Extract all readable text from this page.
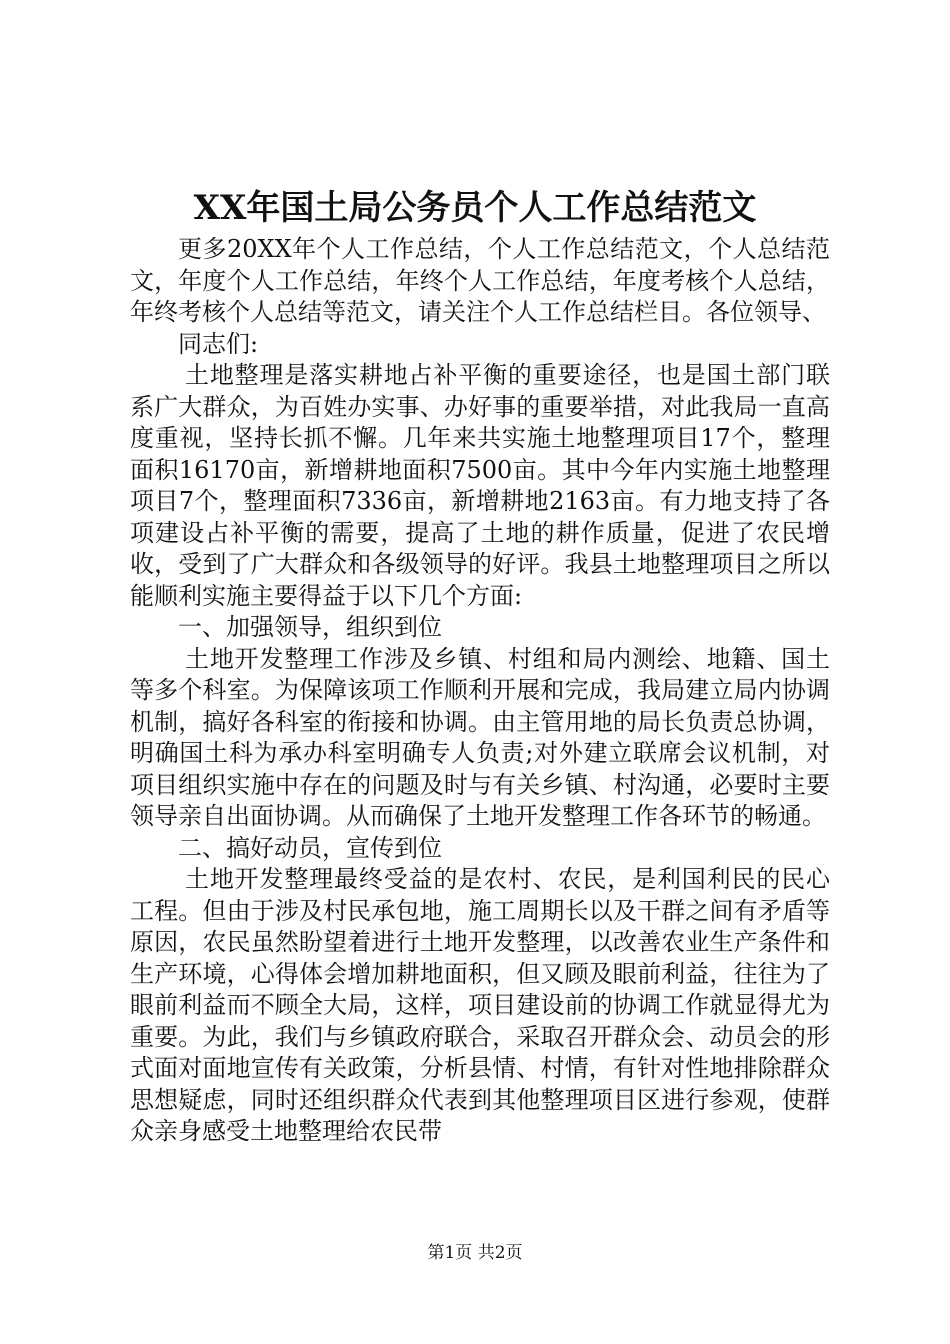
XX年国土局公务员个人工作总结范文

更多20XX年个人工作总结，个人工作总结范文，个人总结范文，年度个人工作总结，年终个人工作总结，年度考核个人总结，年终考核个人总结等范文，请关注个人工作总结栏目。各位领导、

同志们:

土地整理是落实耕地占补平衡的重要途径，也是国土部门联系广大群众，为百姓办实事、办好事的重要举措，对此我局一直高度重视，坚持长抓不懈。几年来共实施土地整理项目17个，整理面积16170亩，新增耕地面积7500亩。其中今年内实施土地整理项目7个，整理面积7336亩，新增耕地2163亩。有力地支持了各项建设占补平衡的需要，提高了土地的耕作质量，促进了农民增收，受到了广大群众和各级领导的好评。我县土地整理项目之所以能顺利实施主要得益于以下几个方面:

一、加强领导，组织到位

土地开发整理工作涉及乡镇、村组和局内测绘、地籍、国土等多个科室。为保障该项工作顺利开展和完成，我局建立局内协调机制，搞好各科室的衔接和协调。由主管用地的局长负责总协调，明确国土科为承办科室明确专人负责;对外建立联席会议机制，对项目组织实施中存在的问题及时与有关乡镇、村沟通，必要时主要领导亲自出面协调。从而确保了土地开发整理工作各环节的畅通。

二、搞好动员，宣传到位

土地开发整理最终受益的是农村、农民，是利国利民的民心工程。但由于涉及村民承包地，施工周期长以及干群之间有矛盾等原因，农民虽然盼望着进行土地开发整理，以改善农业生产条件和生产环境，心得体会增加耕地面积，但又顾及眼前利益，往往为了眼前利益而不顾全大局，这样，项目建设前的协调工作就显得尤为重要。为此，我们与乡镇政府联合，采取召开群众会、动员会的形式面对面地宣传有关政策，分析县情、村情，有针对性地排除群众思想疑虑，同时还组织群众代表到其他整理项目区进行参观，使群众亲身感受土地整理给农民带

第1页 共2页
